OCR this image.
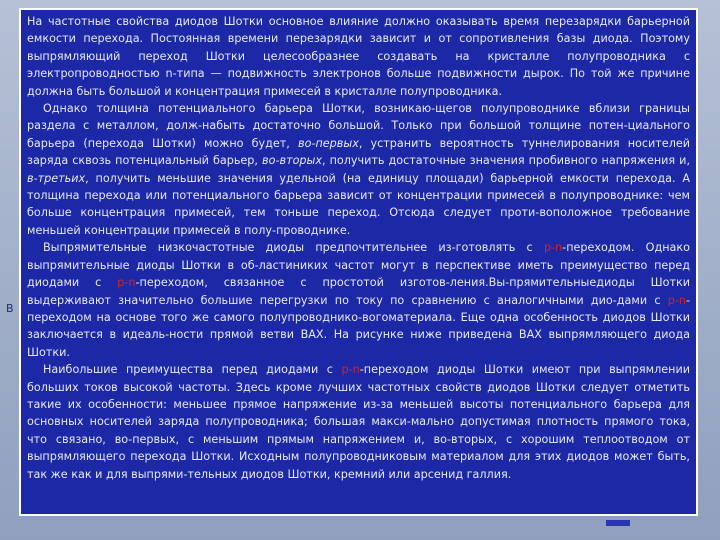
В

На частотные свойства диодов Шотки основное влияние должно оказывать время перезарядки барьерной емкости перехода. Постоянная времени перезарядки зависит и от сопротивления базы диода. Поэтому выпрямляющий переход Шотки целесообразнее создавать на кристалле полупроводника с электропроводностью n-типа — подвижность электронов больше подвижности дырок. По той же причине должна быть большой и концентрация примесей в кристалле полупроводника.

Однако толщина потенциального барьера Шотки, возникаю-щегов полупроводнике вблизи границы раздела с металлом, долж-набыть достаточно большой. Только при большой толщине потен-циального барьера (перехода Шотки) можно будет, во-первых, устранить вероятность туннелирования носителей заряда сквозь потенциальный барьер, во-вторых, получить достаточные значения пробивного напряжения и, в-третьих, получить меньшие значения удельной (на единицу площади) барьерной емкости перехода. А толщина перехода или потенциального барьера зависит от концентрации примесей в полупроводнике: чем больше концентрация примесей, тем тоньше переход. Отсюда следует проти-воположное требование меньшей концентрации примесей в полу-проводнике.

Выпрямительные низкочастотные диоды предпочтительнее из-готовлять с p-n-переходом. Однако выпрямительные диоды Шотки в об-ластиниких частот могут в перспективе иметь преимущество перед диодами с p-n-переходом, связанное с простотой изготов-ления.Вы-прямительныедиоды Шотки выдерживают значительно большие перегрузки по току по сравнению с аналогичными дио-дами с p-n-переходом на основе того же самого полупроводнико-вогоматериала. Еще одна особенность диодов Шотки заключается в идеаль-ности прямой ветви ВАХ. На рисунке ниже приведена ВАХ выпрямляющего диода Шотки.

Наибольшие преимущества перед диодами с p-n-переходом диоды Шотки имеют при выпрямлении больших токов высокой частоты. Здесь кроме лучших частотных свойств диодов Шотки следует отметить такие их особенности: меньшее прямое напряжение из-за меньшей высоты потенциального барьера для основных носителей заряда полупроводника; большая макси-мально допустимая плотность прямого тока, что связано, во-первых, с меньшим прямым напряжением и, во-вторых, с хорошим теплоотводом от выпрямляющего перехода Шотки. Исходным полупроводниковым материалом для этих диодов может быть, так же как и для выпрями-тельных диодов Шотки, кремний или арсенид галлия.
